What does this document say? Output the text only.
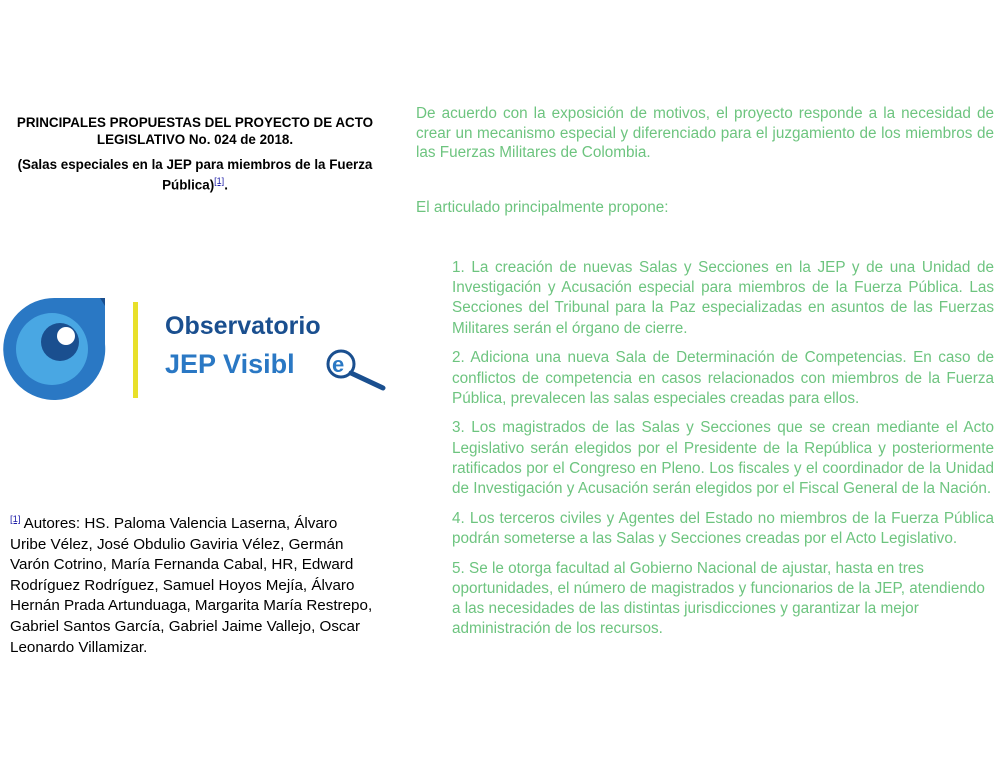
PRINCIPALES PROPUESTAS DEL PROYECTO DE ACTO LEGISLATIVO No. 024 de 2018.
(Salas especiales en la JEP para miembros de la Fuerza Pública)[1].
Observatorio
JEP Visibl e
[1] Autores: HS. Paloma Valencia Laserna, Álvaro Uribe Vélez, José Obdulio Gaviria Vélez, Germán Varón Cotrino, María Fernanda Cabal, HR, Edward Rodríguez Rodríguez, Samuel Hoyos Mejía, Álvaro Hernán Prada Artunduaga, Margarita María Restrepo, Gabriel Santos García, Gabriel Jaime Vallejo, Oscar Leonardo Villamizar.
De acuerdo con la exposición de motivos, el proyecto responde a la necesidad de crear un mecanismo especial y diferenciado para el juzgamiento de los miembros de las Fuerzas Militares de Colombia.
El articulado principalmente propone:
1. La creación de nuevas Salas y Secciones en la JEP y de una Unidad de Investigación y Acusación especial para miembros de la Fuerza Pública. Las Secciones del Tribunal para la Paz especializadas en asuntos de las Fuerzas Militares serán el órgano de cierre.
2. Adiciona una nueva Sala de Determinación de Competencias. En caso de conflictos de competencia en casos relacionados con miembros de la Fuerza Pública, prevalecen las salas especiales creadas para ellos.
3. Los magistrados de las Salas y Secciones que se crean mediante el Acto Legislativo serán elegidos por el Presidente de la República y posteriormente ratificados por el Congreso en Pleno. Los fiscales y el coordinador de la Unidad de Investigación y Acusación serán elegidos por el Fiscal General de la Nación.
4. Los terceros civiles y Agentes del Estado no miembros de la Fuerza Pública podrán someterse a las Salas y Secciones creadas por el Acto Legislativo.
5. Se le otorga facultad al Gobierno Nacional de ajustar, hasta en tres oportunidades, el número de magistrados y funcionarios de la JEP, atendiendo a las necesidades de las distintas jurisdicciones y garantizar la mejor administración de los recursos.
